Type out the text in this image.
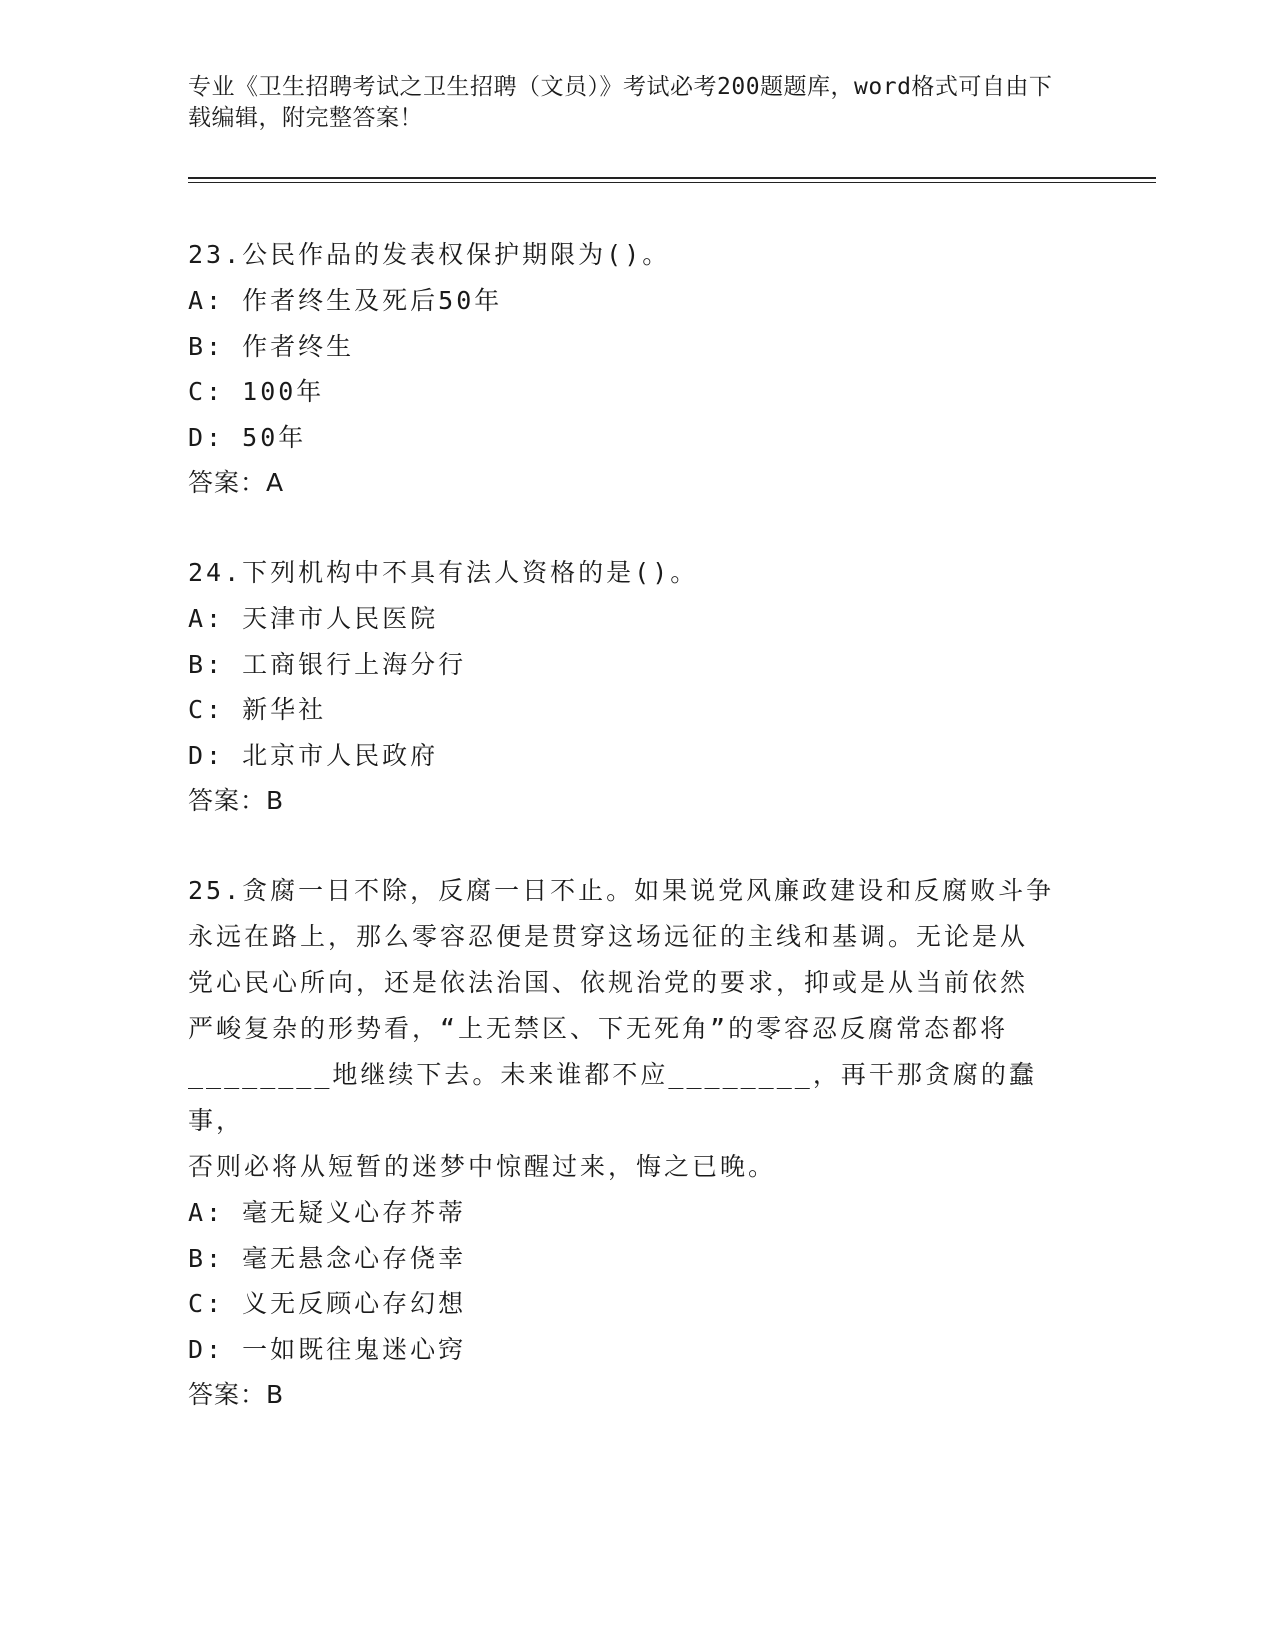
专业《卫生招聘考试之卫生招聘（文员）》考试必考200题题库，word格式可自由下载编辑，附完整答案！
23.公民作品的发表权保护期限为()。
A: 作者终生及死后50年
B: 作者终生
C: 100年
D: 50年
答案：A
24.下列机构中不具有法人资格的是()。
A: 天津市人民医院
B: 工商银行上海分行
C: 新华社
D: 北京市人民政府
答案：B
25.贪腐一日不除，反腐一日不止。如果说党风廉政建设和反腐败斗争
永远在路上，那么零容忍便是贯穿这场远征的主线和基调。无论是从
党心民心所向，还是依法治国、依规治党的要求，抑或是从当前依然
严峻复杂的形势看，“上无禁区、下无死角”的零容忍反腐常态都将
________地继续下去。未来谁都不应________，再干那贪腐的蠢事，
否则必将从短暂的迷梦中惊醒过来，悔之已晚。
A: 毫无疑义心存芥蒂
B: 毫无悬念心存侥幸
C: 义无反顾心存幻想
D: 一如既往鬼迷心窍
答案：B
